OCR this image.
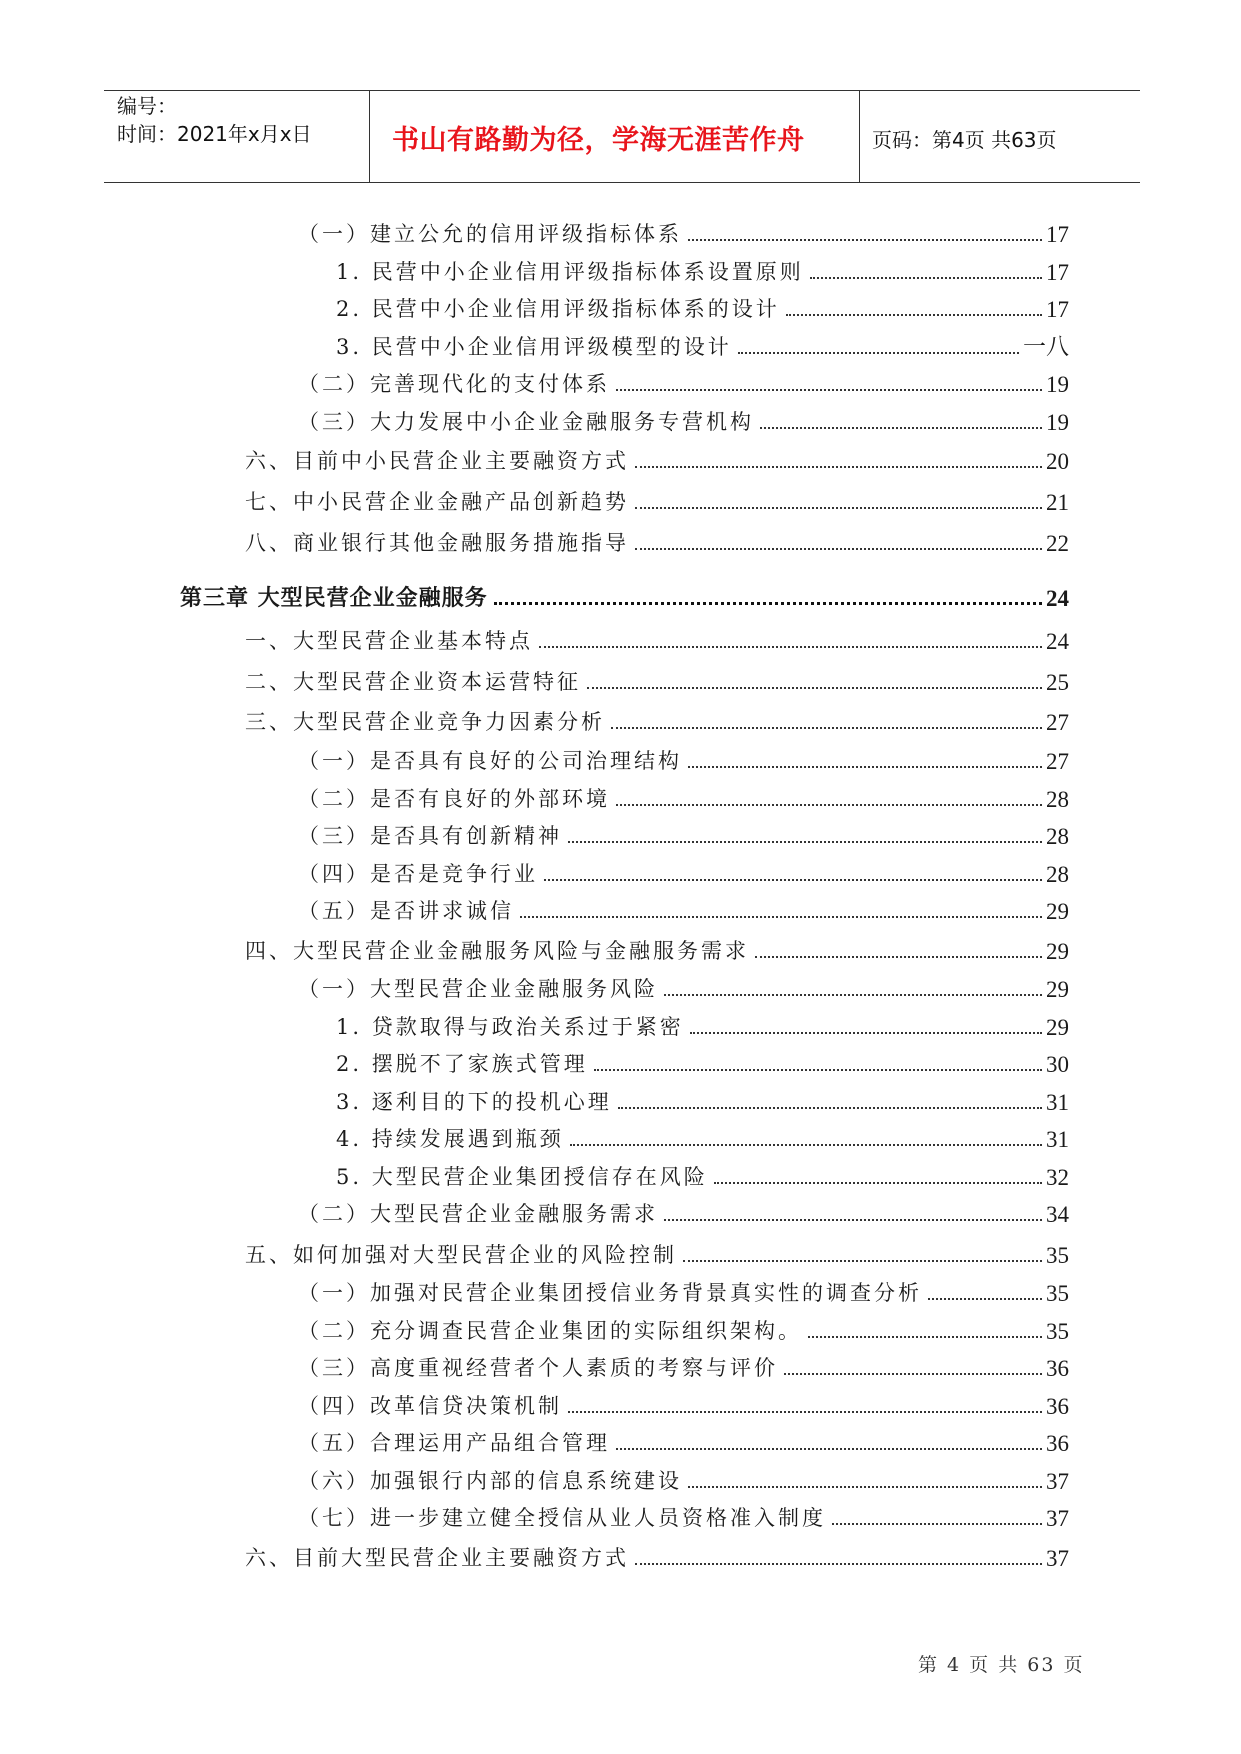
编号：
时间：2021年x月x日	书山有路勤为径，学海无涯苦作舟	页码：第4页 共63页
（一）建立公允的信用评级指标体系	17
1. 民营中小企业信用评级指标体系设置原则	17
2. 民营中小企业信用评级指标体系的设计	17
3. 民营中小企业信用评级模型的设计	一八
（二）完善现代化的支付体系	19
（三）大力发展中小企业金融服务专营机构	19
六、目前中小民营企业主要融资方式	20
七、中小民营企业金融产品创新趋势	21
八、商业银行其他金融服务措施指导	22
第三章 大型民营企业金融服务	24
一、大型民营企业基本特点	24
二、大型民营企业资本运营特征	25
三、大型民营企业竞争力因素分析	27
（一）是否具有良好的公司治理结构	27
（二）是否有良好的外部环境	28
（三）是否具有创新精神	28
（四）是否是竞争行业	28
（五）是否讲求诚信	29
四、大型民营企业金融服务风险与金融服务需求	29
（一）大型民营企业金融服务风险	29
1. 贷款取得与政治关系过于紧密	29
2. 摆脱不了家族式管理	30
3. 逐利目的下的投机心理	31
4. 持续发展遇到瓶颈	31
5. 大型民营企业集团授信存在风险	32
（二）大型民营企业金融服务需求	34
五、如何加强对大型民营企业的风险控制	35
（一）加强对民营企业集团授信业务背景真实性的调查分析	35
（二）充分调查民营企业集团的实际组织架构。	35
（三）高度重视经营者个人素质的考察与评价	36
（四）改革信贷决策机制	36
（五）合理运用产品组合管理	36
（六）加强银行内部的信息系统建设	37
（七）进一步建立健全授信从业人员资格准入制度	37
六、目前大型民营企业主要融资方式	37
第 4 页 共 63 页
